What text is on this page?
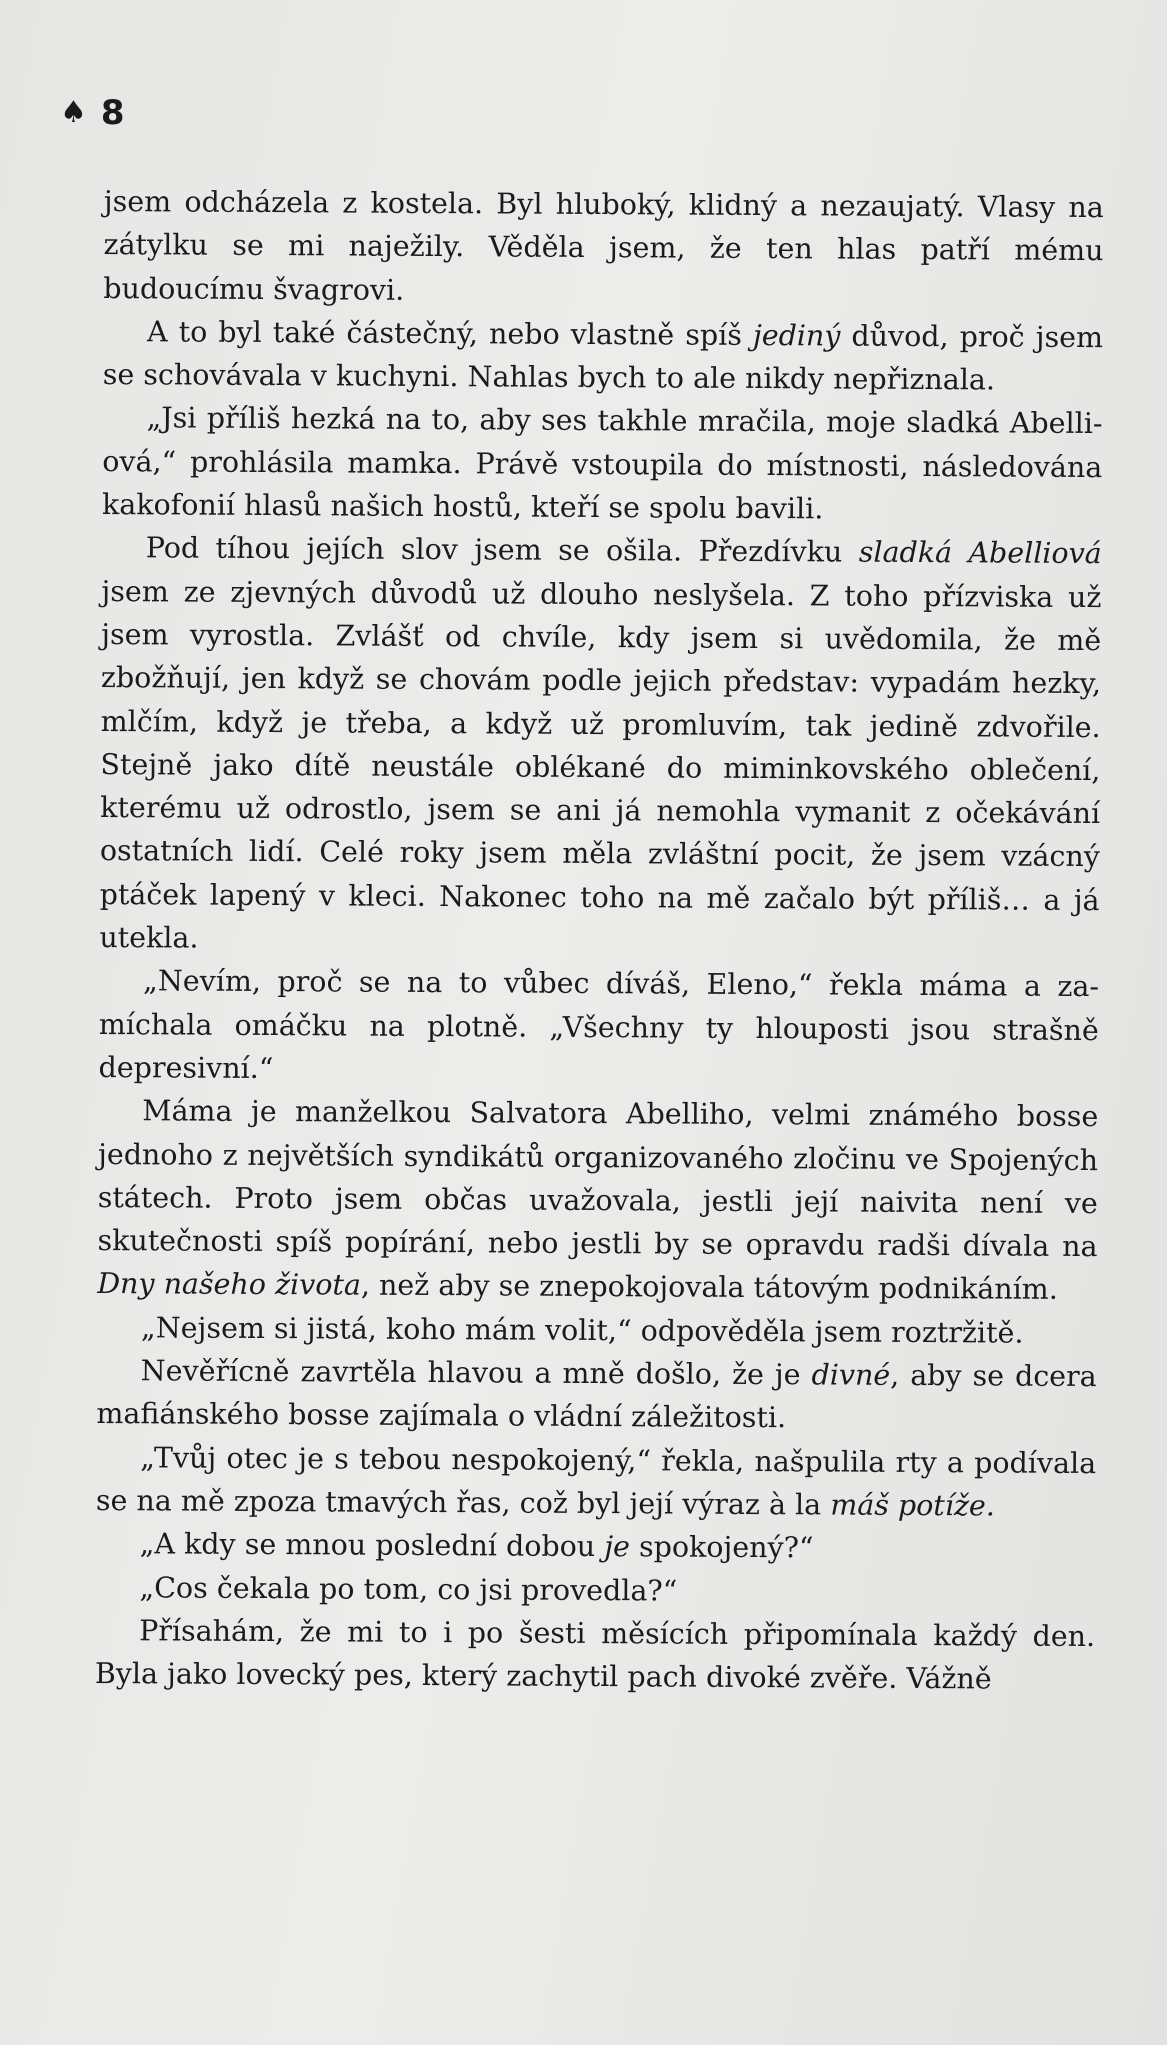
♠ 8

jsem odcházela z kostela. Byl hluboký, klidný a nezaujatý. Vlasy na zátylku se mi naježily. Věděla jsem, že ten hlas patří mému budoucímu švagrovi.

A to byl také částečný, nebo vlastně spíš jediný důvod, proč jsem se schovávala v kuchyni. Nahlas bych to ale nikdy nepřiznala.

„Jsi příliš hezká na to, aby ses takhle mračila, moje sladká Abelliová,“ prohlásila mamka. Právě vstoupila do místnosti, následována kakofonií hlasů našich hostů, kteří se spolu bavili.

Pod tíhou jejích slov jsem se ošila. Přezdívku sladká Abelliová jsem ze zjevných důvodů už dlouho neslyšela. Z toho přízviska už jsem vyrostla. Zvlášť od chvíle, kdy jsem si uvědomila, že mě zbožňují, jen když se chovám podle jejich představ: vypadám hezky, mlčím, když je třeba, a když už promluvím, tak jedině zdvořile. Stejně jako dítě neustále oblékané do miminkovského oblečení, kterému už odrostlo, jsem se ani já nemohla vymanit z očekávání ostatních lidí. Celé roky jsem měla zvláštní pocit, že jsem vzácný ptáček lapený v kleci. Nakonec toho na mě začalo být příliš… a já utekla.

„Nevím, proč se na to vůbec díváš, Eleno,“ řekla máma a zamíchala omáčku na plotně. „Všechny ty hlouposti jsou strašně depresivní.“

Máma je manželkou Salvatora Abelliho, velmi známého bosse jednoho z největších syndikátů organizovaného zločinu ve Spojených státech. Proto jsem občas uvažovala, jestli její naivita není ve skutečnosti spíš popírání, nebo jestli by se opravdu radši dívala na Dny našeho života, než aby se znepokojovala tátovým podnikáním.

„Nejsem si jistá, koho mám volit,“ odpověděla jsem roztržitě.

Nevěřícně zavrtěla hlavou a mně došlo, že je divné, aby se dcera mafiánského bosse zajímala o vládní záležitosti.

„Tvůj otec je s tebou nespokojený,“ řekla, našpulila rty a podívala se na mě zpoza tmavých řas, což byl její výraz à la máš potíže.

„A kdy se mnou poslední dobou je spokojený?“

„Cos čekala po tom, co jsi provedla?“

Přísahám, že mi to i po šesti měsících připomínala každý den. Byla jako lovecký pes, který zachytil pach divoké zvěře. Vážně
